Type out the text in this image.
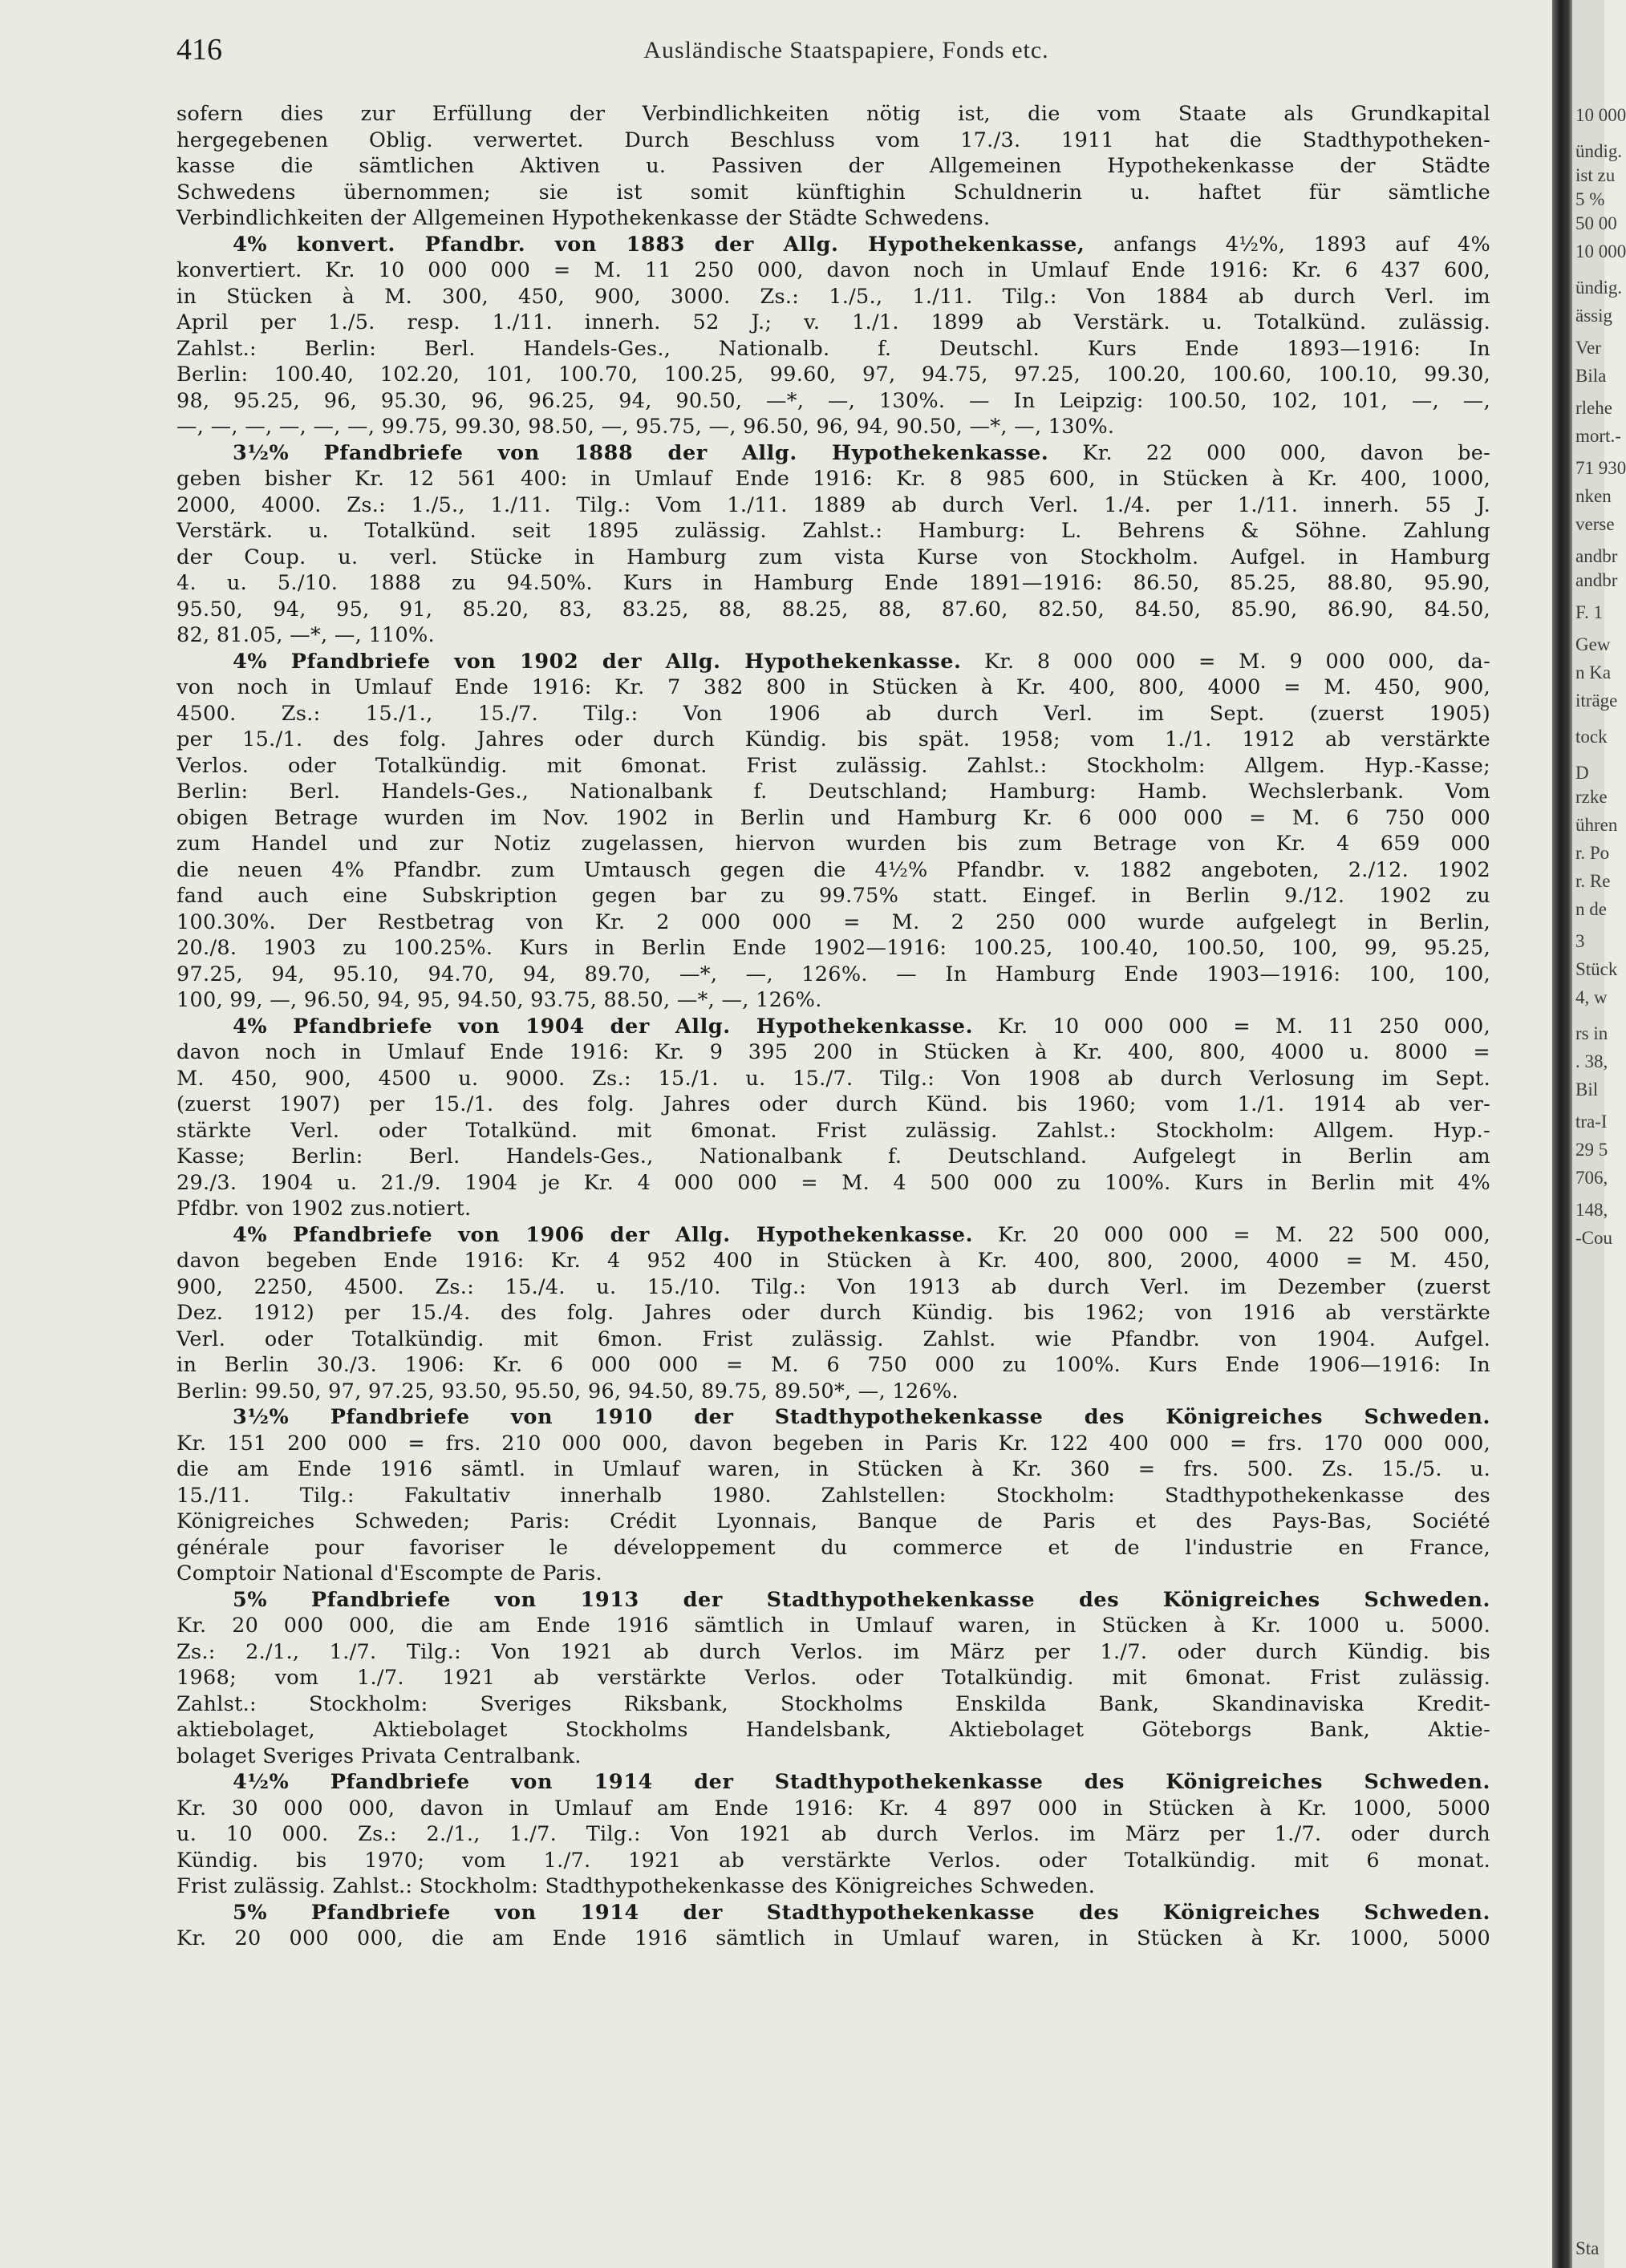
416	Ausländische Staatspapiere, Fonds etc.
sofern dies zur Erfüllung der Verbindlichkeiten nötig ist, die vom Staate als Grundkapital
hergegebenen Oblig. verwertet. Durch Beschluss vom 17./3. 1911 hat die Stadthypotheken-
kasse die sämtlichen Aktiven u. Passiven der Allgemeinen Hypothekenkasse der Städte
Schwedens übernommen; sie ist somit künftighin Schuldnerin u. haftet für sämtliche
Verbindlichkeiten der Allgemeinen Hypothekenkasse der Städte Schwedens.
4% konvert. Pfandbr. von 1883 der Allg. Hypothekenkasse, anfangs 4½%, 1893 auf 4%
konvertiert. Kr. 10 000 000 = M. 11 250 000, davon noch in Umlauf Ende 1916: Kr. 6 437 600,
in Stücken à M. 300, 450, 900, 3000. Zs.: 1./5., 1./11. Tilg.: Von 1884 ab durch Verl. im
April per 1./5. resp. 1./11. innerh. 52 J.; v. 1./1. 1899 ab Verstärk. u. Totalkünd. zulässig.
Zahlst.: Berlin: Berl. Handels-Ges., Nationalb. f. Deutschl. Kurs Ende 1893—1916: In
Berlin: 100.40, 102.20, 101, 100.70, 100.25, 99.60, 97, 94.75, 97.25, 100.20, 100.60, 100.10, 99.30,
98, 95.25, 96, 95.30, 96, 96.25, 94, 90.50, —*, —, 130%. — In Leipzig: 100.50, 102, 101, —, —,
—, —, —, —, —, —, 99.75, 99.30, 98.50, —, 95.75, —, 96.50, 96, 94, 90.50, —*, —, 130%.
3½% Pfandbriefe von 1888 der Allg. Hypothekenkasse. Kr. 22 000 000, davon be-
geben bisher Kr. 12 561 400: in Umlauf Ende 1916: Kr. 8 985 600, in Stücken à Kr. 400, 1000,
2000, 4000. Zs.: 1./5., 1./11. Tilg.: Vom 1./11. 1889 ab durch Verl. 1./4. per 1./11. innerh. 55 J.
Verstärk. u. Totalkünd. seit 1895 zulässig. Zahlst.: Hamburg: L. Behrens & Söhne. Zahlung
der Coup. u. verl. Stücke in Hamburg zum vista Kurse von Stockholm. Aufgel. in Hamburg
4. u. 5./10. 1888 zu 94.50%. Kurs in Hamburg Ende 1891—1916: 86.50, 85.25, 88.80, 95.90,
95.50, 94, 95, 91, 85.20, 83, 83.25, 88, 88.25, 88, 87.60, 82.50, 84.50, 85.90, 86.90, 84.50,
82, 81.05, —*, —, 110%.
4% Pfandbriefe von 1902 der Allg. Hypothekenkasse. Kr. 8 000 000 = M. 9 000 000, da-
von noch in Umlauf Ende 1916: Kr. 7 382 800 in Stücken à Kr. 400, 800, 4000 = M. 450, 900,
4500. Zs.: 15./1., 15./7. Tilg.: Von 1906 ab durch Verl. im Sept. (zuerst 1905)
per 15./1. des folg. Jahres oder durch Kündig. bis spät. 1958; vom 1./1. 1912 ab verstärkte
Verlos. oder Totalkündig. mit 6monat. Frist zulässig. Zahlst.: Stockholm: Allgem. Hyp.-Kasse;
Berlin: Berl. Handels-Ges., Nationalbank f. Deutschland; Hamburg: Hamb. Wechslerbank. Vom
obigen Betrage wurden im Nov. 1902 in Berlin und Hamburg Kr. 6 000 000 = M. 6 750 000
zum Handel und zur Notiz zugelassen, hiervon wurden bis zum Betrage von Kr. 4 659 000
die neuen 4% Pfandbr. zum Umtausch gegen die 4½% Pfandbr. v. 1882 angeboten, 2./12. 1902
fand auch eine Subskription gegen bar zu 99.75% statt. Eingef. in Berlin 9./12. 1902 zu
100.30%. Der Restbetrag von Kr. 2 000 000 = M. 2 250 000 wurde aufgelegt in Berlin,
20./8. 1903 zu 100.25%. Kurs in Berlin Ende 1902—1916: 100.25, 100.40, 100.50, 100, 99, 95.25,
97.25, 94, 95.10, 94.70, 94, 89.70, —*, —, 126%. — In Hamburg Ende 1903—1916: 100, 100,
100, 99, —, 96.50, 94, 95, 94.50, 93.75, 88.50, —*, —, 126%.
4% Pfandbriefe von 1904 der Allg. Hypothekenkasse. Kr. 10 000 000 = M. 11 250 000,
davon noch in Umlauf Ende 1916: Kr. 9 395 200 in Stücken à Kr. 400, 800, 4000 u. 8000 =
M. 450, 900, 4500 u. 9000. Zs.: 15./1. u. 15./7. Tilg.: Von 1908 ab durch Verlosung im Sept.
(zuerst 1907) per 15./1. des folg. Jahres oder durch Künd. bis 1960; vom 1./1. 1914 ab ver-
stärkte Verl. oder Totalkünd. mit 6monat. Frist zulässig. Zahlst.: Stockholm: Allgem. Hyp.-
Kasse; Berlin: Berl. Handels-Ges., Nationalbank f. Deutschland. Aufgelegt in Berlin am
29./3. 1904 u. 21./9. 1904 je Kr. 4 000 000 = M. 4 500 000 zu 100%. Kurs in Berlin mit 4%
Pfdbr. von 1902 zus.notiert.
4% Pfandbriefe von 1906 der Allg. Hypothekenkasse. Kr. 20 000 000 = M. 22 500 000,
davon begeben Ende 1916: Kr. 4 952 400 in Stücken à Kr. 400, 800, 2000, 4000 = M. 450,
900, 2250, 4500. Zs.: 15./4. u. 15./10. Tilg.: Von 1913 ab durch Verl. im Dezember (zuerst
Dez. 1912) per 15./4. des folg. Jahres oder durch Kündig. bis 1962; von 1916 ab verstärkte
Verl. oder Totalkündig. mit 6mon. Frist zulässig. Zahlst. wie Pfandbr. von 1904. Aufgel.
in Berlin 30./3. 1906: Kr. 6 000 000 = M. 6 750 000 zu 100%. Kurs Ende 1906—1916: In
Berlin: 99.50, 97, 97.25, 93.50, 95.50, 96, 94.50, 89.75, 89.50*, —, 126%.
3½% Pfandbriefe von 1910 der Stadthypothekenkasse des Königreiches Schweden.
Kr. 151 200 000 = frs. 210 000 000, davon begeben in Paris Kr. 122 400 000 = frs. 170 000 000,
die am Ende 1916 sämtl. in Umlauf waren, in Stücken à Kr. 360 = frs. 500. Zs. 15./5. u.
15./11. Tilg.: Fakultativ innerhalb 1980. Zahlstellen: Stockholm: Stadthypothekenkasse des
Königreiches Schweden; Paris: Crédit Lyonnais, Banque de Paris et des Pays-Bas, Société
générale pour favoriser le développement du commerce et de l'industrie en France,
Comptoir National d'Escompte de Paris.
5% Pfandbriefe von 1913 der Stadthypothekenkasse des Königreiches Schweden.
Kr. 20 000 000, die am Ende 1916 sämtlich in Umlauf waren, in Stücken à Kr. 1000 u. 5000.
Zs.: 2./1., 1./7. Tilg.: Von 1921 ab durch Verlos. im März per 1./7. oder durch Kündig. bis
1968; vom 1./7. 1921 ab verstärkte Verlos. oder Totalkündig. mit 6monat. Frist zulässig.
Zahlst.: Stockholm: Sveriges Riksbank, Stockholms Enskilda Bank, Skandinaviska Kredit-
aktiebolaget, Aktiebolaget Stockholms Handelsbank, Aktiebolaget Göteborgs Bank, Aktie-
bolaget Sveriges Privata Centralbank.
4½% Pfandbriefe von 1914 der Stadthypothekenkasse des Königreiches Schweden.
Kr. 30 000 000, davon in Umlauf am Ende 1916: Kr. 4 897 000 in Stücken à Kr. 1000, 5000
u. 10 000. Zs.: 2./1., 1./7. Tilg.: Von 1921 ab durch Verlos. im März per 1./7. oder durch
Kündig. bis 1970; vom 1./7. 1921 ab verstärkte Verlos. oder Totalkündig. mit 6 monat.
Frist zulässig. Zahlst.: Stockholm: Stadthypothekenkasse des Königreiches Schweden.
5% Pfandbriefe von 1914 der Stadthypothekenkasse des Königreiches Schweden.
Kr. 20 000 000, die am Ende 1916 sämtlich in Umlauf waren, in Stücken à Kr. 1000, 5000
10 000
ündig.
ist zu
5 %
50 00
10 000
ündig.
ässig
Ver
Bila
rlehe
mort.-
71 930
nken
verse
andbr
andbr
F. 1
Gew
n Ka
iträge
tock
D
rzke
ühren
r. Po
r. Re
n de
3
Stück
4, w
rs in
. 38,
Bil
tra-I
29 5
706,
148,
-Cou
Sta
